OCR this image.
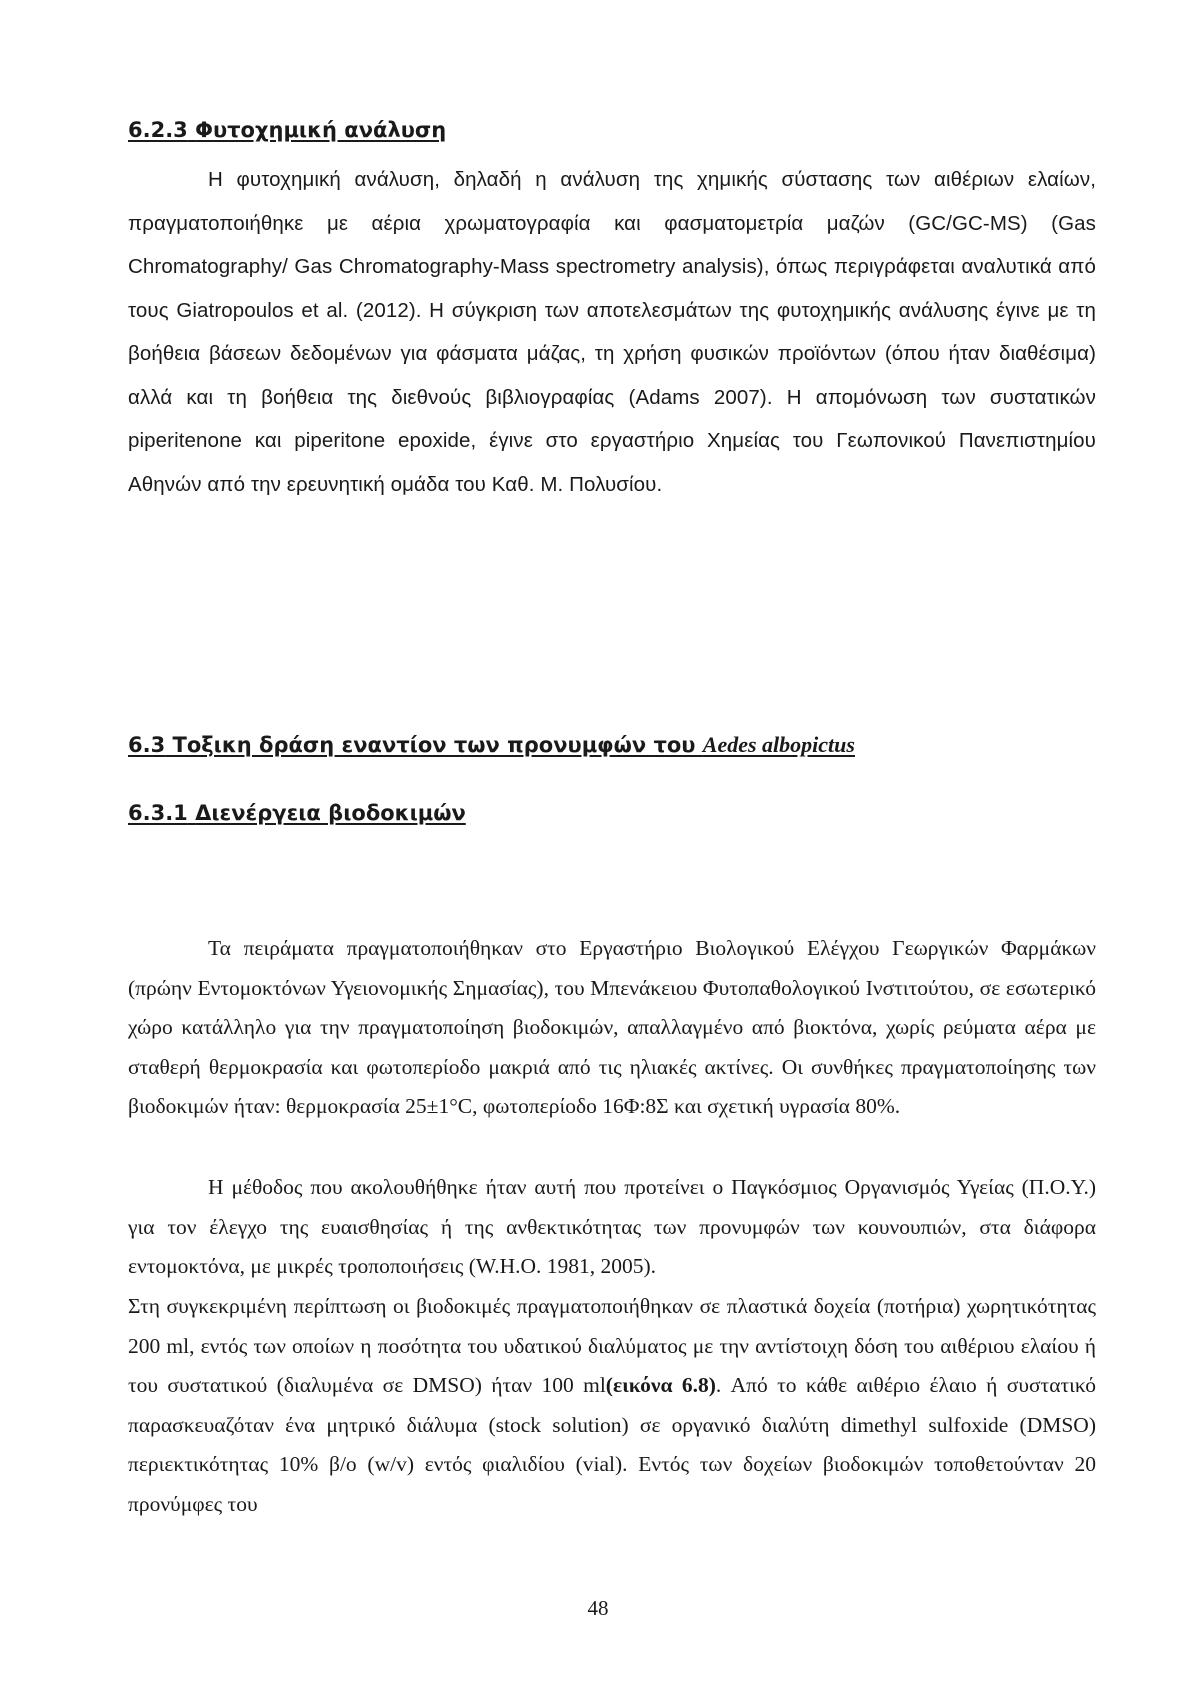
6.2.3 Φυτοχημική ανάλυση

Η φυτοχημική ανάλυση, δηλαδή η ανάλυση της χημικής σύστασης των αιθέριων ελαίων, πραγματοποιήθηκε με αέρια χρωματογραφία και φασματομετρία μαζών (GC/GC-MS) (Gas Chromatography/ Gas Chromatography-Mass spectrometry analysis), όπως περιγράφεται αναλυτικά από τους Giatropoulos et al. (2012). Η σύγκριση των αποτελεσμάτων της φυτοχημικής ανάλυσης έγινε με τη βοήθεια βάσεων δεδομένων για φάσματα μάζας, τη χρήση φυσικών προϊόντων (όπου ήταν διαθέσιμα) αλλά και τη βοήθεια της διεθνούς βιβλιογραφίας (Adams 2007). Η απομόνωση των συστατικών piperitenone και piperitone epoxide, έγινε στο εργαστήριο Χημείας του Γεωπονικού Πανεπιστημίου Αθηνών από την ερευνητική ομάδα του Καθ. Μ. Πολυσίου.

6.3 Τοξικη δράση εναντίον των προνυμφών του Aedes albopictus
6.3.1 Διενέργεια βιοδοκιμών

Τα πειράματα πραγματοποιήθηκαν στο Εργαστήριο Βιολογικού Ελέγχου Γεωργικών Φαρμάκων (πρώην Εντομοκτόνων Υγειονομικής Σημασίας), του Μπενάκειου Φυτοπαθολογικού Ινστιτούτου, σε εσωτερικό χώρο κατάλληλο για την πραγματοποίηση βιοδοκιμών, απαλλαγμένο από βιοκτόνα, χωρίς ρεύματα αέρα με σταθερή θερμοκρασία και φωτοπερίοδο μακριά από τις ηλιακές ακτίνες. Οι συνθήκες πραγματοποίησης των βιοδοκιμών ήταν: θερμοκρασία 25±1°C, φωτοπερίοδο 16Φ:8Σ και σχετική υγρασία 80%.

Η μέθοδος που ακολουθήθηκε ήταν αυτή που προτείνει ο Παγκόσμιος Οργανισμός Υγείας (Π.Ο.Υ.) για τον έλεγχο της ευαισθησίας ή της ανθεκτικότητας των προνυμφών των κουνουπιών, στα διάφορα εντομοκτόνα, με μικρές τροποποιήσεις (W.H.O. 1981, 2005).

Στη συγκεκριμένη περίπτωση οι βιοδοκιμές πραγματοποιήθηκαν σε πλαστικά δοχεία (ποτήρια) χωρητικότητας 200 ml, εντός των οποίων η ποσότητα του υδατικού διαλύματος με την αντίστοιχη δόση του αιθέριου ελαίου ή του συστατικού (διαλυμένα σε DMSO) ήταν 100 ml(εικόνα 6.8). Από το κάθε αιθέριο έλαιο ή συστατικό παρασκευαζόταν ένα μητρικό διάλυμα (stock solution) σε οργανικό διαλύτη dimethyl sulfoxide (DMSO) περιεκτικότητας 10% β/ο (w/v) εντός φιαλιδίου (vial). Εντός των δοχείων βιοδοκιμών τοποθετούνταν 20 προνύμφες του

48
